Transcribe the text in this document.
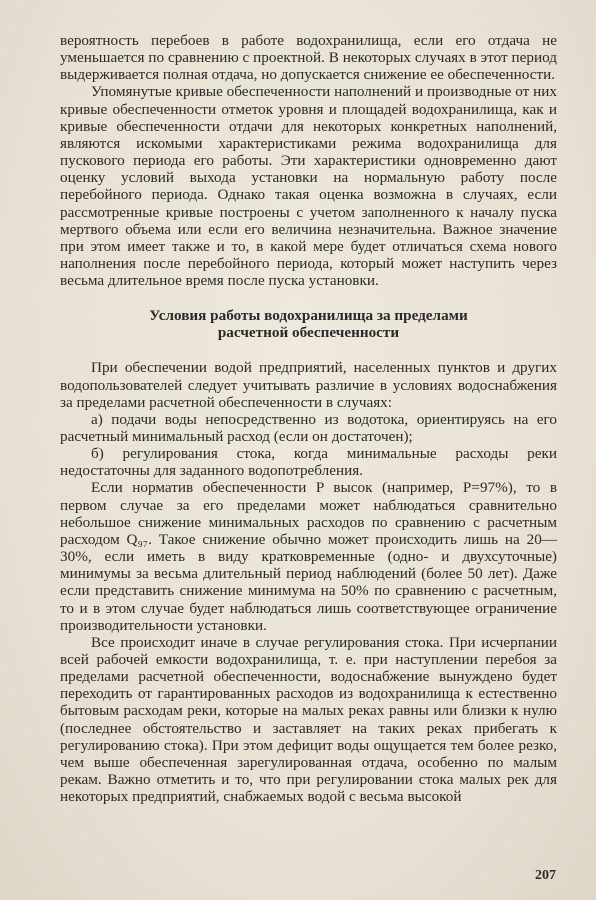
вероятность перебоев в работе водохранилища, если его отдача не уменьшается по сравнению с проектной. В некоторых случаях в этот период выдерживается полная отдача, но допускается снижение ее обеспеченности.

Упомянутые кривые обеспеченности наполнений и производные от них кривые обеспеченности отметок уровня и площадей водохранилища, как и кривые обеспеченности отдачи для некоторых конкретных наполнений, являются искомыми характеристиками режима водохранилища для пускового периода его работы. Эти характеристики одновременно дают оценку условий выхода установки на нормальную работу после перебойного периода. Однако такая оценка возможна в случаях, если рассмотренные кривые построены с учетом заполненного к началу пуска мертвого объема или если его величина незначительна. Важное значение при этом имеет также и то, в какой мере будет отличаться схема нового наполнения после перебойного периода, который может наступить через весьма длительное время после пуска установки.

Условия работы водохранилища за пределами
расчетной обеспеченности

При обеспечении водой предприятий, населенных пунктов и других водопользователей следует учитывать различие в условиях водоснабжения за пределами расчетной обеспеченности в случаях:

а) подачи воды непосредственно из водотока, ориентируясь на его расчетный минимальный расход (если он достаточен);

б) регулирования стока, когда минимальные расходы реки недостаточны для заданного водопотребления.

Если норматив обеспеченности P высок (например, P=97%), то в первом случае за его пределами может наблюдаться сравнительно небольшое снижение минимальных расходов по сравнению с расчетным расходом Q₉₇. Такое снижение обычно может происходить лишь на 20—30%, если иметь в виду кратковременные (одно- и двухсуточные) минимумы за весьма длительный период наблюдений (более 50 лет). Даже если представить снижение минимума на 50% по сравнению с расчетным, то и в этом случае будет наблюдаться лишь соответствующее ограничение производительности установки.

Все происходит иначе в случае регулирования стока. При исчерпании всей рабочей емкости водохранилища, т. е. при наступлении перебоя за пределами расчетной обеспеченности, водоснабжение вынуждено будет переходить от гарантированных расходов из водохранилища к естественно бытовым расходам реки, которые на малых реках равны или близки к нулю (последнее обстоятельство и заставляет на таких реках прибегать к регулированию стока). При этом дефицит воды ощущается тем более резко, чем выше обеспеченная зарегулированная отдача, особенно по малым рекам. Важно отметить и то, что при регулировании стока малых рек для некоторых предприятий, снабжаемых водой с весьма высокой

207
